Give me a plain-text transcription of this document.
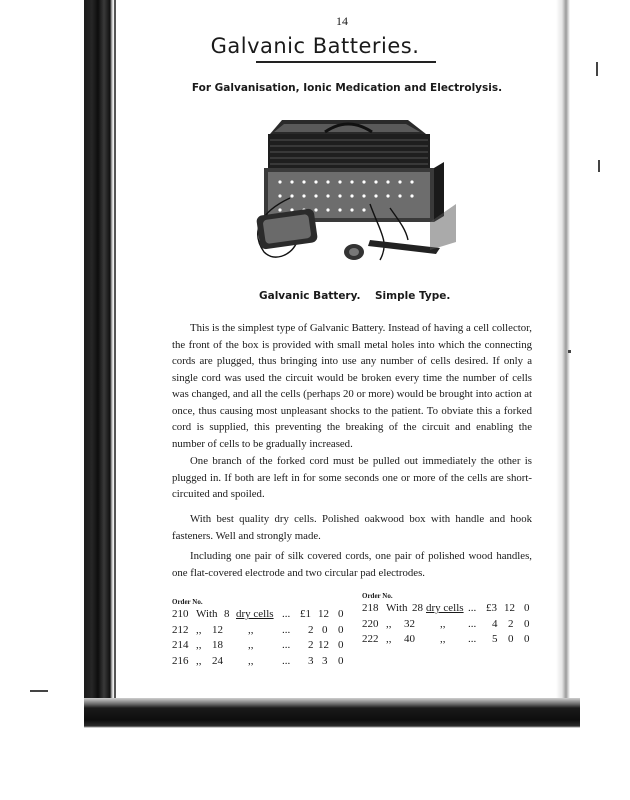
14
Galvanic Batteries.
For Galvanisation, Ionic Medication and Electrolysis.
Galvanic Battery. Simple Type.

This is the simplest type of Galvanic Battery. Instead of having a cell collector, the front of the box is provided with small metal holes into which the connecting cords are plugged, thus bringing into use any number of cells desired. If only a single cord was used the circuit would be broken every time the number of cells was changed, and all the cells (perhaps 20 or more) would be brought into action at once, thus causing most unpleasant shocks to the patient. To obviate this a forked cord is supplied, this preventing the breaking of the circuit and enabling the number of cells to be gradually increased.

One branch of the forked cord must be pulled out immediately the other is plugged in. If both are left in for some seconds one or more of the cells are short-circuited and spoiled.

With best quality dry cells. Polished oakwood box with handle and hook fasteners. Well and strongly made.

Including one pair of silk covered cords, one pair of polished wood handles, one flat-covered electrode and two circular pad electrodes.

Order No.
210 With 8 dry cells ... £1 12 0
212 ,, 12 ,,	... 2 0 0
214 ,, 18 ,,	... 2 12 0
216 ,, 24 ,,	... 3 3 0
Order No.
218 With 28 dry cells ... £3 12 0
220 ,, 32 ,, ... 4 2 0
222 ,, 40 ,, ... 5 0 0
